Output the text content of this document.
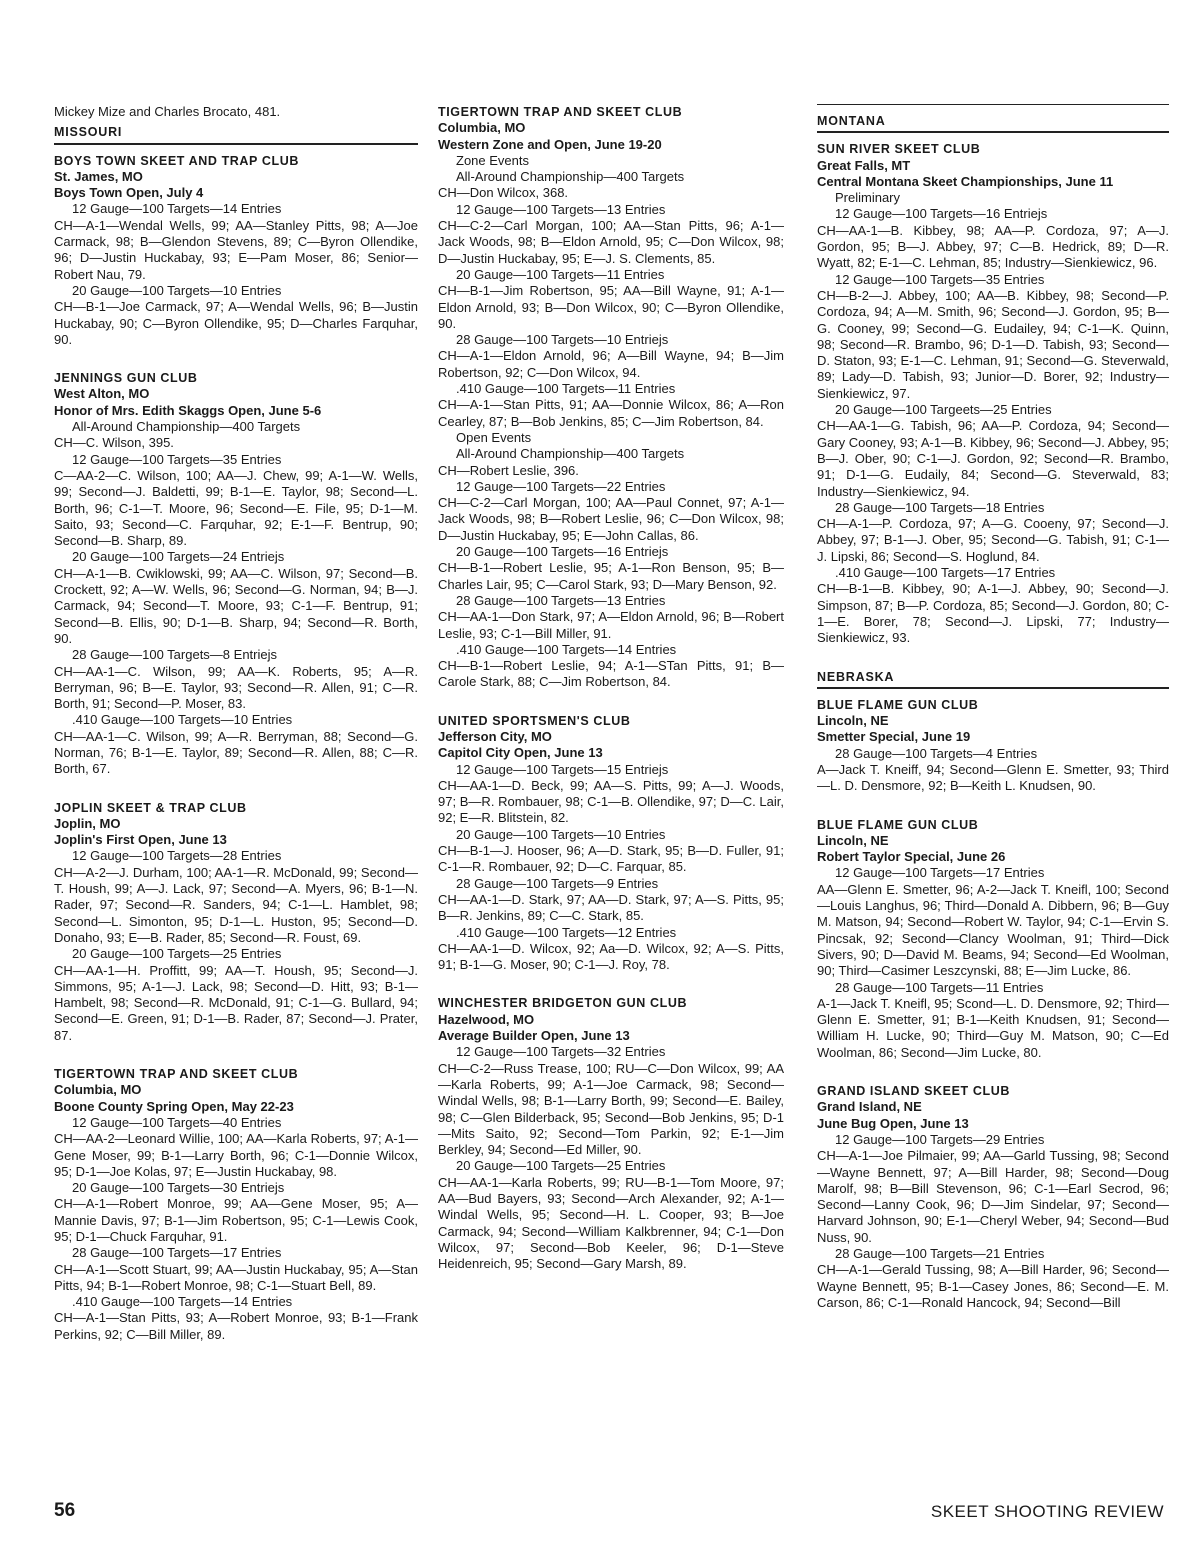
Mickey Mize and Charles Brocato, 481.
MISSOURI
BOYS TOWN SKEET AND TRAP CLUB
St. James, MO
Boys Town Open, July 4
12 Gauge—100 Targets—14 Entries
CH—A-1—Wendal Wells, 99; AA—Stanley Pitts, 98; A—Joe Carmack, 98; B—Glendon Stevens, 89; C—Byron Ollendike, 96; D—Justin Huckabay, 93; E—Pam Moser, 86; Senior—Robert Nau, 79.
20 Gauge—100 Targets—10 Entries
CH—B-1—Joe Carmack, 97; A—Wendal Wells, 96; B—Justin Huckabay, 90; C—Byron Ollendike, 95; D—Charles Farquhar, 90.
JENNINGS GUN CLUB
West Alton, MO
Honor of Mrs. Edith Skaggs Open, June 5-6
All-Around Championship—400 Targets
CH—C. Wilson, 395.
12 Gauge—100 Targets—35 Entries
C—AA-2—C. Wilson, 100; AA—J. Chew, 99; A-1—W. Wells, 99; Second—J. Baldetti, 99; B-1—E. Taylor, 98; Second—L. Borth, 96; C-1—T. Moore, 96; Second—E. File, 95; D-1—M. Saito, 93; Second—C. Farquhar, 92; E-1—F. Bentrup, 90; Second—B. Sharp, 89.
20 Gauge—100 Targets—24 Entriejs
CH—A-1—B. Cwiklowski, 99; AA—C. Wilson, 97; Second—B. Crockett, 92; A—W. Wells, 96; Second—G. Norman, 94; B—J. Carmack, 94; Second—T. Moore, 93; C-1—F. Bentrup, 91; Second—B. Ellis, 90; D-1—B. Sharp, 94; Second—R. Borth, 90.
28 Gauge—100 Targets—8 Entriejs
CH—AA-1—C. Wilson, 99; AA—K. Roberts, 95; A—R. Berryman, 96; B—E. Taylor, 93; Second—R. Allen, 91; C—R. Borth, 91; Second—P. Moser, 83.
.410 Gauge—100 Targets—10 Entries
CH—AA-1—C. Wilson, 99; A—R. Berryman, 88; Second—G. Norman, 76; B-1—E. Taylor, 89; Second—R. Allen, 88; C—R. Borth, 67.
JOPLIN SKEET & TRAP CLUB
Joplin, MO
Joplin's First Open, June 13
12 Gauge—100 Targets—28 Entries
CH—A-2—J. Durham, 100; AA-1—R. McDonald, 99; Second—T. Housh, 99; A—J. Lack, 97; Second—A. Myers, 96; B-1—N. Rader, 97; Second—R. Sanders, 94; C-1—L. Hamblet, 98; Second—L. Simonton, 95; D-1—L. Huston, 95; Second—D. Donaho, 93; E—B. Rader, 85; Second—R. Foust, 69.
20 Gauge—100 Targets—25 Entries
CH—AA-1—H. Proffitt, 99; AA—T. Housh, 95; Second—J. Simmons, 95; A-1—J. Lack, 98; Second—D. Hitt, 93; B-1—Hambelt, 98; Second—R. McDonald, 91; C-1—G. Bullard, 94; Second—E. Green, 91; D-1—B. Rader, 87; Second—J. Prater, 87.
TIGERTOWN TRAP AND SKEET CLUB
Columbia, MO
Boone County Spring Open, May 22-23
12 Gauge—100 Targets—40 Entries
CH—AA-2—Leonard Willie, 100; AA—Karla Roberts, 97; A-1—Gene Moser, 99; B-1—Larry Borth, 96; C-1—Donnie Wilcox, 95; D-1—Joe Kolas, 97; E—Justin Huckabay, 98.
20 Gauge—100 Targets—30 Entriejs
CH—A-1—Robert Monroe, 99; AA—Gene Moser, 95; A—Mannie Davis, 97; B-1—Jim Robertson, 95; C-1—Lewis Cook, 95; D-1—Chuck Farquhar, 91.
28 Gauge—100 Targets—17 Entries
CH—A-1—Scott Stuart, 99; AA—Justin Huckabay, 95; A—Stan Pitts, 94; B-1—Robert Monroe, 98; C-1—Stuart Bell, 89.
.410 Gauge—100 Targets—14 Entries
CH—A-1—Stan Pitts, 93; A—Robert Monroe, 93; B-1—Frank Perkins, 92; C—Bill Miller, 89.
TIGERTOWN TRAP AND SKEET CLUB
Columbia, MO
Western Zone and Open, June 19-20
Zone Events
All-Around Championship—400 Targets
CH—Don Wilcox, 368.
12 Gauge—100 Targets—13 Entries
CH—C-2—Carl Morgan, 100; AA—Stan Pitts, 96; A-1—Jack Woods, 98; B—Eldon Arnold, 95; C—Don Wilcox, 98; D—Justin Huckabay, 95; E—J. S. Clements, 85.
20 Gauge—100 Targets—11 Entries
CH—B-1—Jim Robertson, 95; AA—Bill Wayne, 91; A-1—Eldon Arnold, 93; B—Don Wilcox, 90; C—Byron Ollendike, 90.
28 Gauge—100 Targets—10 Entriejs
CH—A-1—Eldon Arnold, 96; A—Bill Wayne, 94; B—Jim Robertson, 92; C—Don Wilcox, 94.
.410 Gauge—100 Targets—11 Entries
CH—A-1—Stan Pitts, 91; AA—Donnie Wilcox, 86; A—Ron Cearley, 87; B—Bob Jenkins, 85; C—Jim Robertson, 84.
Open Events
All-Around Championship—400 Targets
CH—Robert Leslie, 396.
12 Gauge—100 Targets—22 Entries
CH—C-2—Carl Morgan, 100; AA—Paul Connet, 97; A-1—Jack Woods, 98; B—Robert Leslie, 96; C—Don Wilcox, 98; D—Justin Huckabay, 95; E—John Callas, 86.
20 Gauge—100 Targets—16 Entriejs
CH—B-1—Robert Leslie, 95; A-1—Ron Benson, 95; B—Charles Lair, 95; C—Carol Stark, 93; D—Mary Benson, 92.
28 Gauge—100 Targets—13 Entries
CH—AA-1—Don Stark, 97; A—Eldon Arnold, 96; B—Robert Leslie, 93; C-1—Bill Miller, 91.
.410 Gauge—100 Targets—14 Entries
CH—B-1—Robert Leslie, 94; A-1—STan Pitts, 91; B—Carole Stark, 88; C—Jim Robertson, 84.
UNITED SPORTSMEN'S CLUB
Jefferson City, MO
Capitol City Open, June 13
12 Gauge—100 Targets—15 Entriejs
CH—AA-1—D. Beck, 99; AA—S. Pitts, 99; A—J. Woods, 97; B—R. Rombauer, 98; C-1—B. Ollendike, 97; D—C. Lair, 92; E—R. Blitstein, 82.
20 Gauge—100 Targets—10 Entries
CH—B-1—J. Hooser, 96; A—D. Stark, 95; B—D. Fuller, 91; C-1—R. Rombauer, 92; D—C. Farquar, 85.
28 Gauge—100 Targets—9 Entries
CH—AA-1—D. Stark, 97; AA—D. Stark, 97; A—S. Pitts, 95; B—R. Jenkins, 89; C—C. Stark, 85.
.410 Gauge—100 Targets—12 Entries
CH—AA-1—D. Wilcox, 92; Aa—D. Wilcox, 92; A—S. Pitts, 91; B-1—G. Moser, 90; C-1—J. Roy, 78.
WINCHESTER BRIDGETON GUN CLUB
Hazelwood, MO
Average Builder Open, June 13
12 Gauge—100 Targets—32 Entries
CH—C-2—Russ Trease, 100; RU—C—Don Wilcox, 99; AA—Karla Roberts, 99; A-1—Joe Carmack, 98; Second—Windal Wells, 98; B-1—Larry Borth, 99; Second—E. Bailey, 98; C—Glen Bilderback, 95; Second—Bob Jenkins, 95; D-1—Mits Saito, 92; Second—Tom Parkin, 92; E-1—Jim Berkley, 94; Second—Ed Miller, 90.
20 Gauge—100 Targets—25 Entries
CH—AA-1—Karla Roberts, 99; RU—B-1—Tom Moore, 97; AA—Bud Bayers, 93; Second—Arch Alexander, 92; A-1—Windal Wells, 95; Second—H. L. Cooper, 93; B—Joe Carmack, 94; Second—William Kalkbrenner, 94; C-1—Don Wilcox, 97; Second—Bob Keeler, 96; D-1—Steve Heidenreich, 95; Second—Gary Marsh, 89.
MONTANA
SUN RIVER SKEET CLUB
Great Falls, MT
Central Montana Skeet Championships, June 11
Preliminary
12 Gauge—100 Targets—16 Entriejs
CH—AA-1—B. Kibbey, 98; AA—P. Cordoza, 97; A—J. Gordon, 95; B—J. Abbey, 97; C—B. Hedrick, 89; D—R. Wyatt, 82; E-1—C. Lehman, 85; Industry—Sienkiewicz, 96.
12 Gauge—100 Targets—35 Entries
CH—B-2—J. Abbey, 100; AA—B. Kibbey, 98; Second—P. Cordoza, 94; A—M. Smith, 96; Second—J. Gordon, 95; B—G. Cooney, 99; Second—G. Eudailey, 94; C-1—K. Quinn, 98; Second—R. Brambo, 96; D-1—D. Tabish, 93; Second—D. Staton, 93; E-1—C. Lehman, 91; Second—G. Steverwald, 89; Lady—D. Tabish, 93; Junior—D. Borer, 92; Industry—Sienkiewicz, 97.
20 Gauge—100 Targeets—25 Entries
CH—AA-1—G. Tabish, 96; AA—P. Cordoza, 94; Second—Gary Cooney, 93; A-1—B. Kibbey, 96; Second—J. Abbey, 95; B—J. Ober, 90; C-1—J. Gordon, 92; Second—R. Brambo, 91; D-1—G. Eudaily, 84; Second—G. Steverwald, 83; Industry—Sienkiewicz, 94.
28 Gauge—100 Targets—18 Entries
CH—A-1—P. Cordoza, 97; A—G. Cooeny, 97; Second—J. Abbey, 97; B-1—J. Ober, 95; Second—G. Tabish, 91; C-1—J. Lipski, 86; Second—S. Hoglund, 84.
.410 Gauge—100 Targets—17 Entries
CH—B-1—B. Kibbey, 90; A-1—J. Abbey, 90; Second—J. Simpson, 87; B—P. Cordoza, 85; Second—J. Gordon, 80; C-1—E. Borer, 78; Second—J. Lipski, 77; Industry—Sienkiewicz, 93.
NEBRASKA
BLUE FLAME GUN CLUB
Lincoln, NE
Smetter Special, June 19
28 Gauge—100 Targets—4 Entries
A—Jack T. Kneiff, 94; Second—Glenn E. Smetter, 93; Third—L. D. Densmore, 92; B—Keith L. Knudsen, 90.
BLUE FLAME GUN CLUB
Lincoln, NE
Robert Taylor Special, June 26
12 Gauge—100 Targets—17 Entries
AA—Glenn E. Smetter, 96; A-2—Jack T. Kneifl, 100; Second—Louis Langhus, 96; Third—Donald A. Dibbern, 96; B—Guy M. Matson, 94; Second—Robert W. Taylor, 94; C-1—Ervin S. Pincsak, 92; Second—Clancy Woolman, 91; Third—Dick Sivers, 90; D—David M. Beams, 94; Second—Ed Woolman, 90; Third—Casimer Leszcynski, 88; E—Jim Lucke, 86.
28 Gauge—100 Targets—11 Entries
A-1—Jack T. Kneifl, 95; Scond—L. D. Densmore, 92; Third—Glenn E. Smetter, 91; B-1—Keith Knudsen, 91; Second—William H. Lucke, 90; Third—Guy M. Matson, 90; C—Ed Woolman, 86; Second—Jim Lucke, 80.
GRAND ISLAND SKEET CLUB
Grand Island, NE
June Bug Open, June 13
12 Gauge—100 Targets—29 Entries
CH—A-1—Joe Pilmaier, 99; AA—Garld Tussing, 98; Second—Wayne Bennett, 97; A—Bill Harder, 98; Second—Doug Marolf, 98; B—Bill Stevenson, 96; C-1—Earl Secrod, 96; Second—Lanny Cook, 96; D—Jim Sindelar, 97; Second—Harvard Johnson, 90; E-1—Cheryl Weber, 94; Second—Bud Nuss, 90.
28 Gauge—100 Targets—21 Entries
CH—A-1—Gerald Tussing, 98; A—Bill Harder, 96; Second—Wayne Bennett, 95; B-1—Casey Jones, 86; Second—E. M. Carson, 86; C-1—Ronald Hancock, 94; Second—Bill
56	SKEET SHOOTING REVIEW
